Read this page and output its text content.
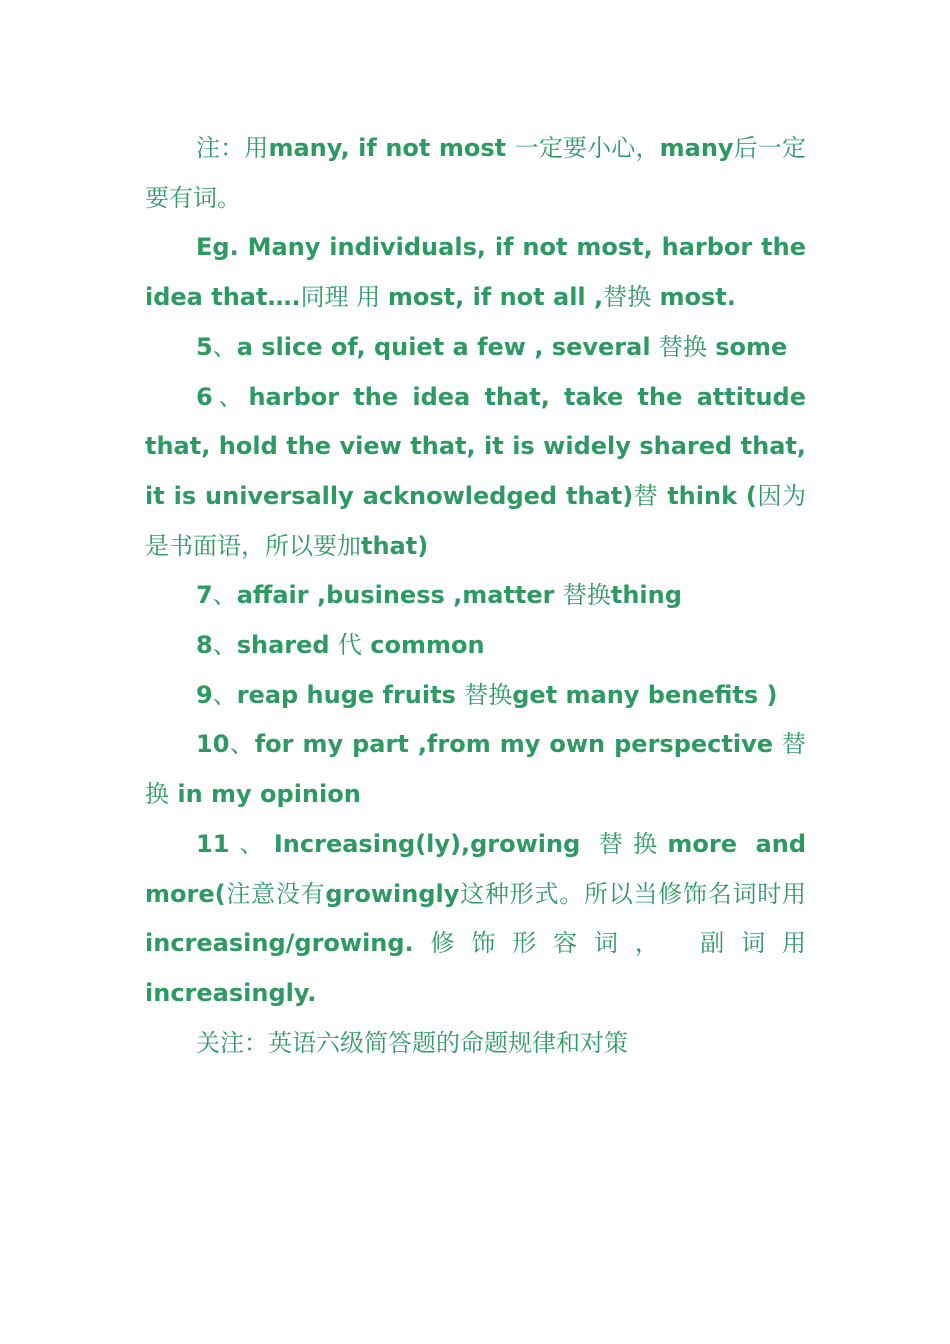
注：用many, if not most 一定要小心，many后一定要有词。

Eg. Many individuals, if not most, harbor the idea that….同理 用 most, if not all ,替换 most.

5、a slice of, quiet a few , several 替换 some

6、harbor the idea that, take the attitude that, hold the view that, it is widely shared that, it is universally acknowledged that)替 think (因为是书面语，所以要加that)

7、affair ,business ,matter 替换thing

8、shared 代 common

9、reap huge fruits 替换get many benefits )

10、for my part ,from my own perspective 替换 in my opinion

11、Increasing(ly),growing 替换more and more(注意没有growingly这种形式。所以当修饰名词时用 increasing/growing.修饰形容词， 副词用 increasingly.

关注：英语六级简答题的命题规律和对策
